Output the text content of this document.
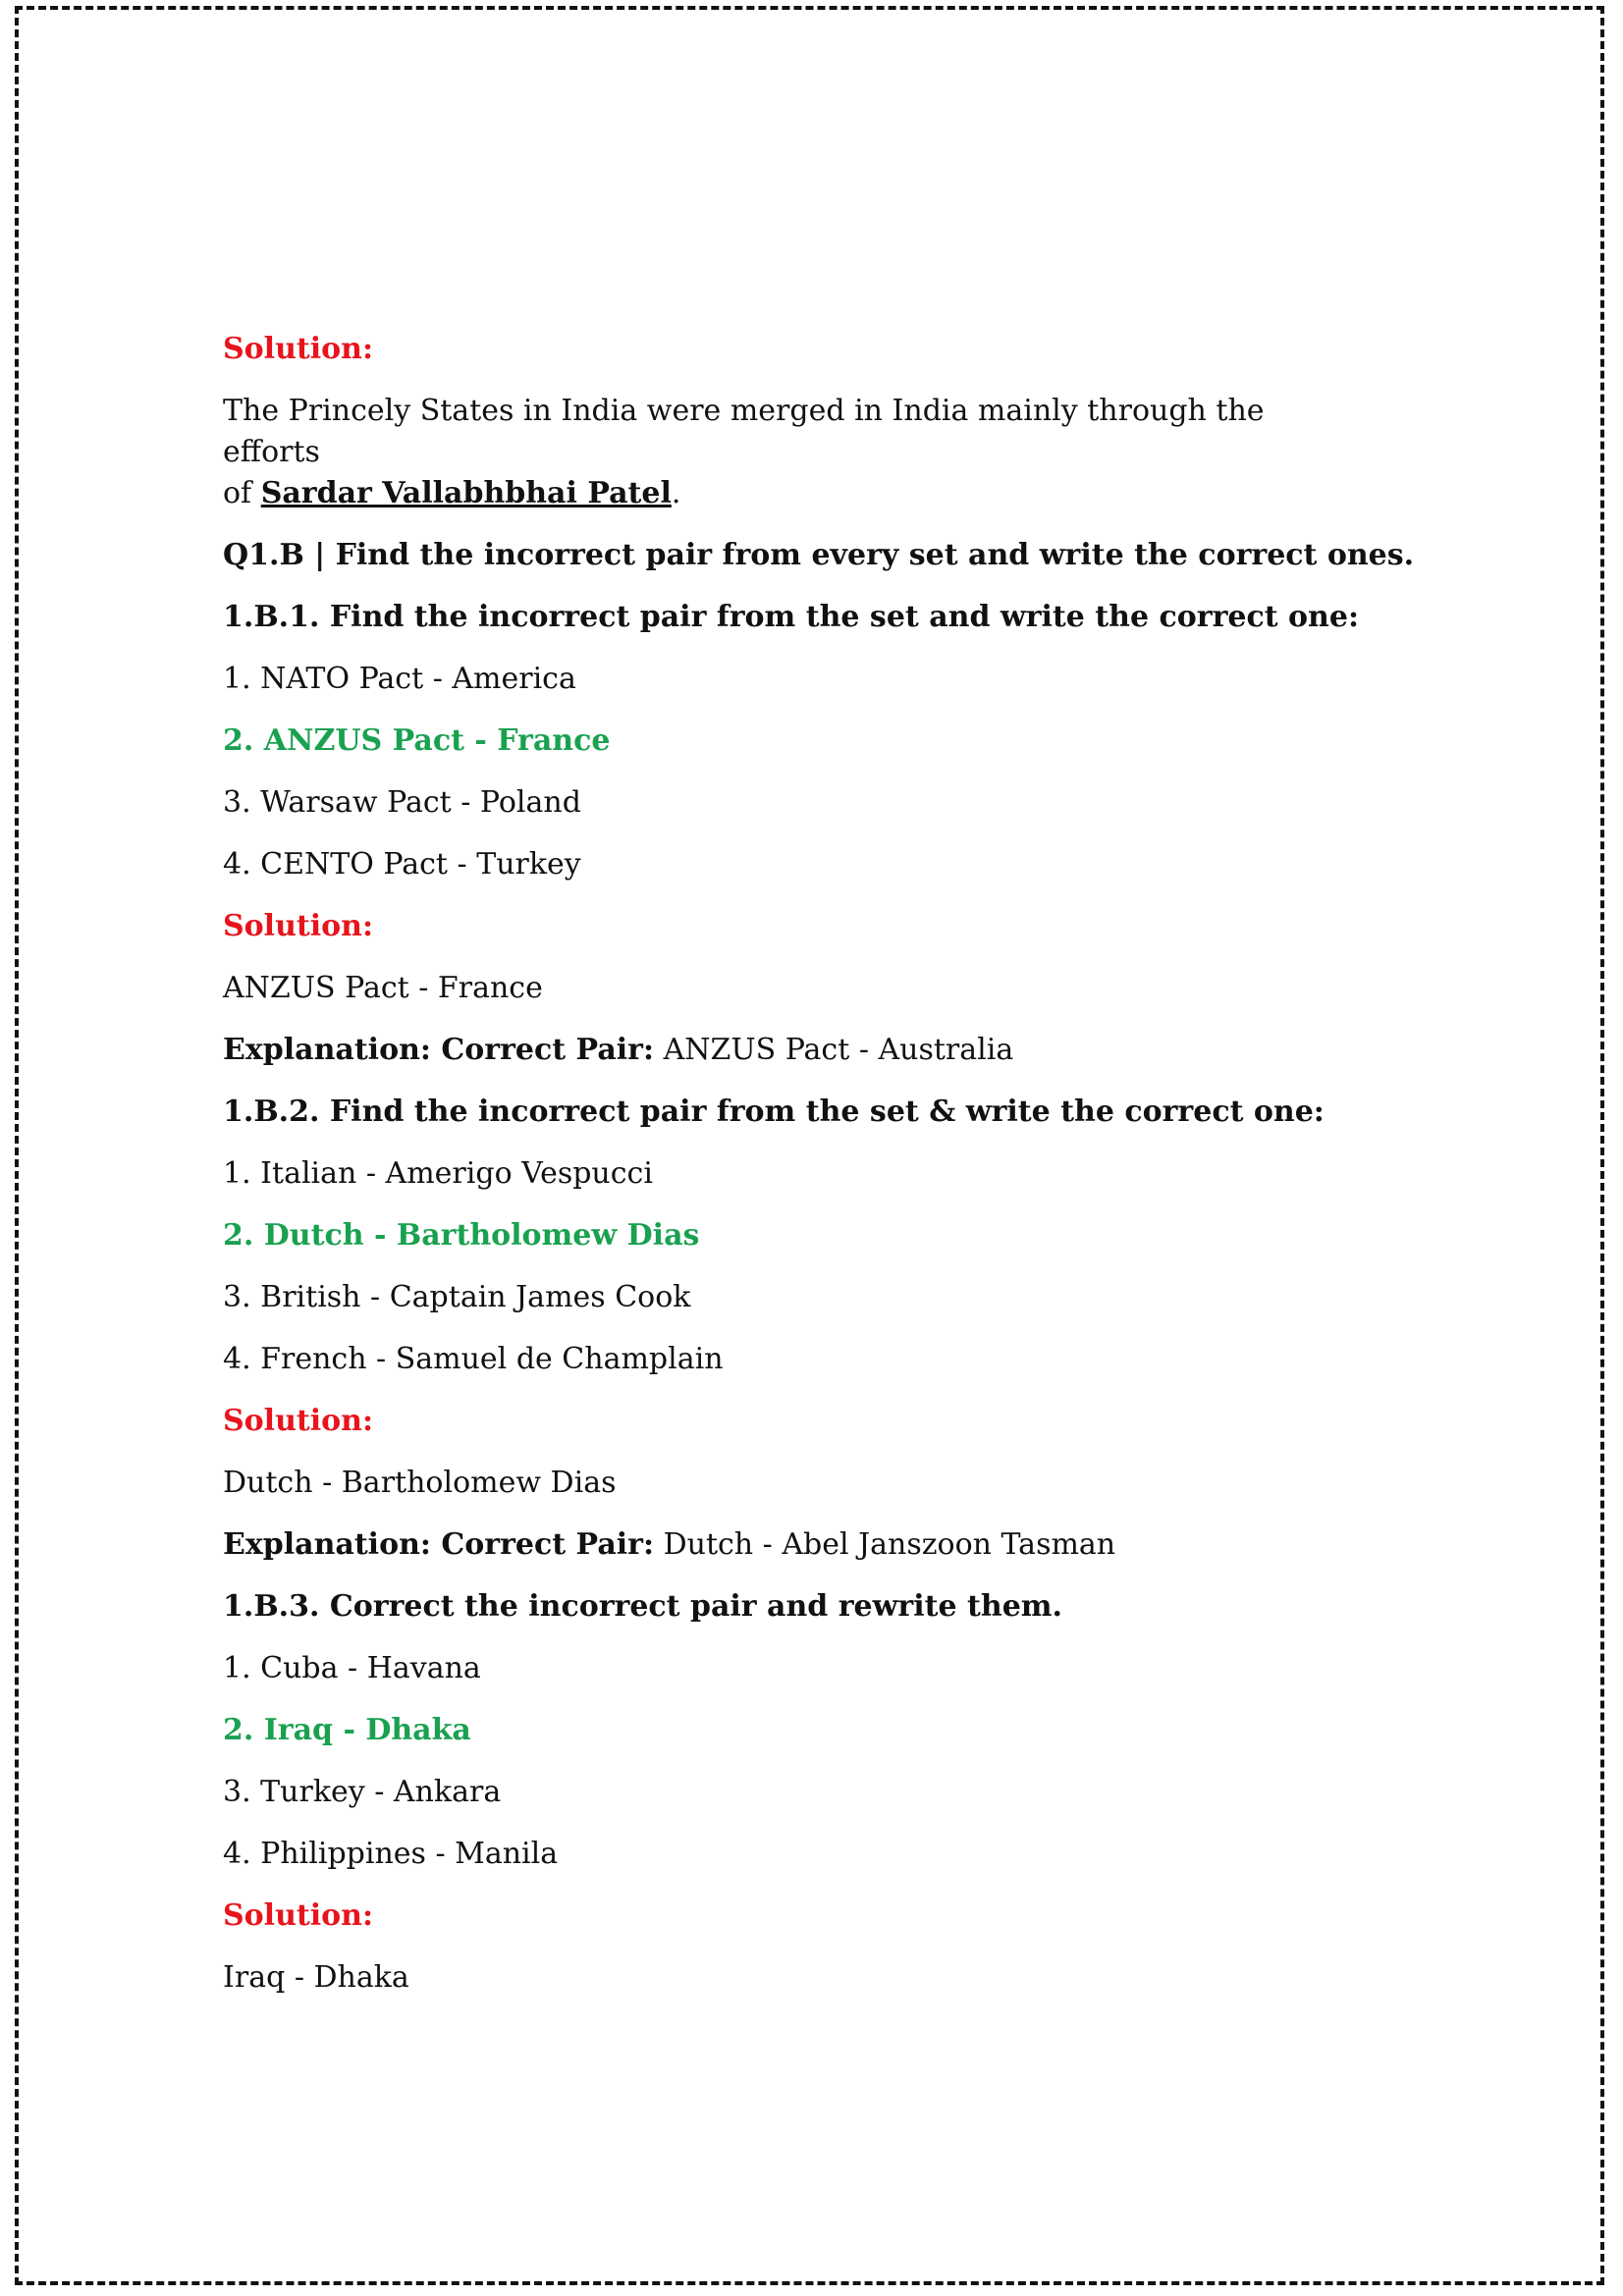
Solution:
The Princely States in India were merged in India mainly through the efforts
of Sardar Vallabhbhai Patel.
Q1.B | Find the incorrect pair from every set and write the correct ones.
1.B.1. Find the incorrect pair from the set and write the correct one:
1. NATO Pact - America
2. ANZUS Pact - France
3. Warsaw Pact - Poland
4. CENTO Pact - Turkey
Solution:
ANZUS Pact - France
Explanation: Correct Pair: ANZUS Pact - Australia
1.B.2. Find the incorrect pair from the set & write the correct one:
1. Italian - Amerigo Vespucci
2. Dutch - Bartholomew Dias
3. British - Captain James Cook
4. French - Samuel de Champlain
Solution:
Dutch - Bartholomew Dias
Explanation: Correct Pair: Dutch - Abel Janszoon Tasman
1.B.3. Correct the incorrect pair and rewrite them.
1. Cuba - Havana
2. Iraq - Dhaka
3. Turkey - Ankara
4. Philippines - Manila
Solution:
Iraq - Dhaka
